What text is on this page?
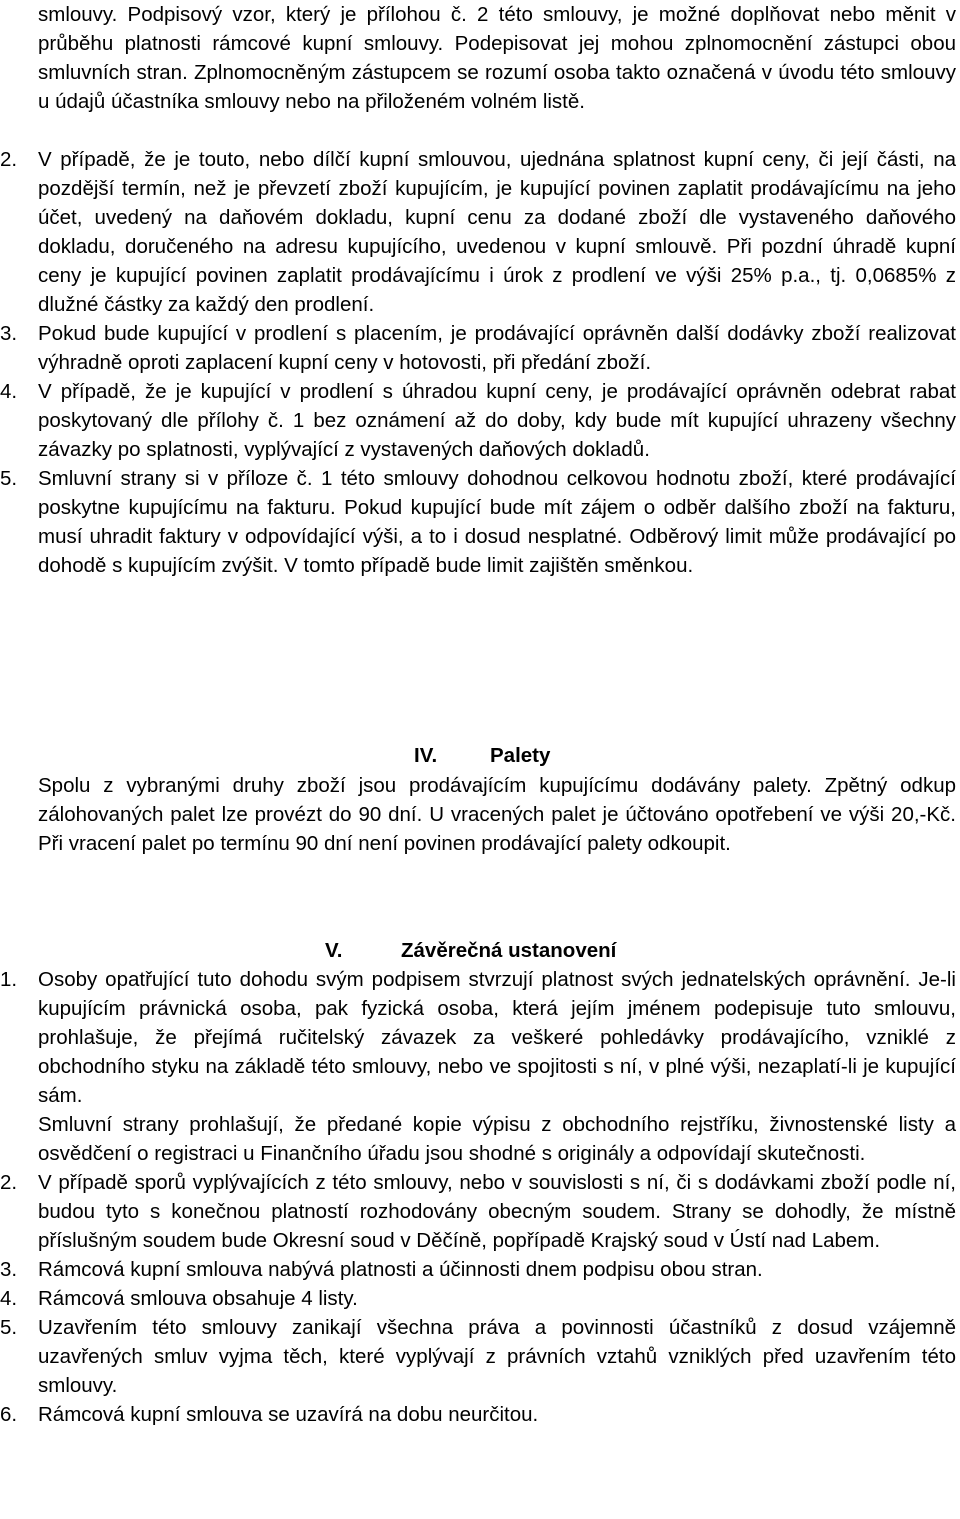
smlouvy. Podpisový vzor, který je přílohou č. 2 této smlouvy, je možné doplňovat nebo měnit v průběhu platnosti rámcové kupní smlouvy. Podepisovat jej mohou zplnomocnění zástupci obou smluvních stran. Zplnomocněným zástupcem se rozumí osoba takto označená v úvodu této smlouvy u údajů účastníka smlouvy nebo na přiloženém volném listě.

2.	V případě, že je touto, nebo dílčí kupní smlouvou, ujednána splatnost kupní ceny, či její části, na pozdější termín, než je převzetí zboží kupujícím, je kupující povinen zaplatit prodávajícímu na jeho účet, uvedený na daňovém dokladu, kupní cenu za dodané zboží dle vystaveného daňového dokladu, doručeného na adresu kupujícího, uvedenou v kupní smlouvě. Při pozdní úhradě kupní ceny je kupující povinen zaplatit prodávajícímu i úrok z prodlení ve výši 25% p.a., tj. 0,0685% z dlužné částky za každý den prodlení.
3.	Pokud bude kupující v prodlení s placením, je prodávající oprávněn další dodávky zboží realizovat výhradně oproti zaplacení kupní ceny v hotovosti, při předání zboží.
4.	V případě, že je kupující v prodlení s úhradou kupní ceny, je prodávající oprávněn odebrat rabat poskytovaný dle přílohy č. 1 bez oznámení až do doby, kdy bude mít kupující uhrazeny všechny závazky po splatnosti, vyplývající z vystavených daňových dokladů.
5.	Smluvní strany si v příloze č. 1 této smlouvy dohodnou celkovou hodnotu zboží, které prodávající poskytne kupujícímu na fakturu. Pokud kupující bude mít zájem o odběr dalšího zboží na fakturu, musí uhradit faktury v odpovídající výši, a to i dosud nesplatné. Odběrový limit může prodávající po dohodě s kupujícím zvýšit. V tomto případě bude limit zajištěn směnkou.

IV.	Palety

Spolu z vybranými druhy zboží jsou prodávajícím kupujícímu dodávány palety. Zpětný odkup zálohovaných palet lze provézt do 90 dní. U vracených palet je účtováno opotřebení ve výši 20,-Kč. Při vracení palet po termínu 90 dní není povinen prodávající palety odkoupit.

V.	Závěrečná ustanovení

1.	Osoby opatřující tuto dohodu svým podpisem stvrzují platnost svých jednatelských oprávnění. Je-li kupujícím právnická osoba, pak fyzická osoba, která jejím jménem podepisuje tuto smlouvu, prohlašuje, že přejímá ručitelský závazek za veškeré pohledávky prodávajícího, vzniklé z obchodního styku na základě této smlouvy, nebo ve spojitosti s ní, v plné výši, nezaplatí-li je kupující sám.

Smluvní strany prohlašují, že předané kopie výpisu z obchodního rejstříku, živnostenské listy a osvědčení o registraci u Finančního úřadu jsou shodné s originály a odpovídají skutečnosti.

2.	V případě sporů vyplývajících z této smlouvy, nebo v souvislosti s ní, či s dodávkami zboží podle ní, budou tyto s konečnou platností rozhodovány obecným soudem. Strany se dohodly, že místně příslušným soudem bude Okresní soud v Děčíně, popřípadě Krajský soud v Ústí nad Labem.
3.	Rámcová kupní smlouva nabývá platnosti a účinnosti dnem podpisu obou stran.
4.	Rámcová smlouva obsahuje 4 listy.
5.	Uzavřením této smlouvy zanikají všechna práva a povinnosti účastníků z dosud vzájemně uzavřených smluv vyjma těch, které vyplývají z právních vztahů vzniklých před uzavřením této smlouvy.
6.	Rámcová kupní smlouva se uzavírá na dobu neurčitou.
